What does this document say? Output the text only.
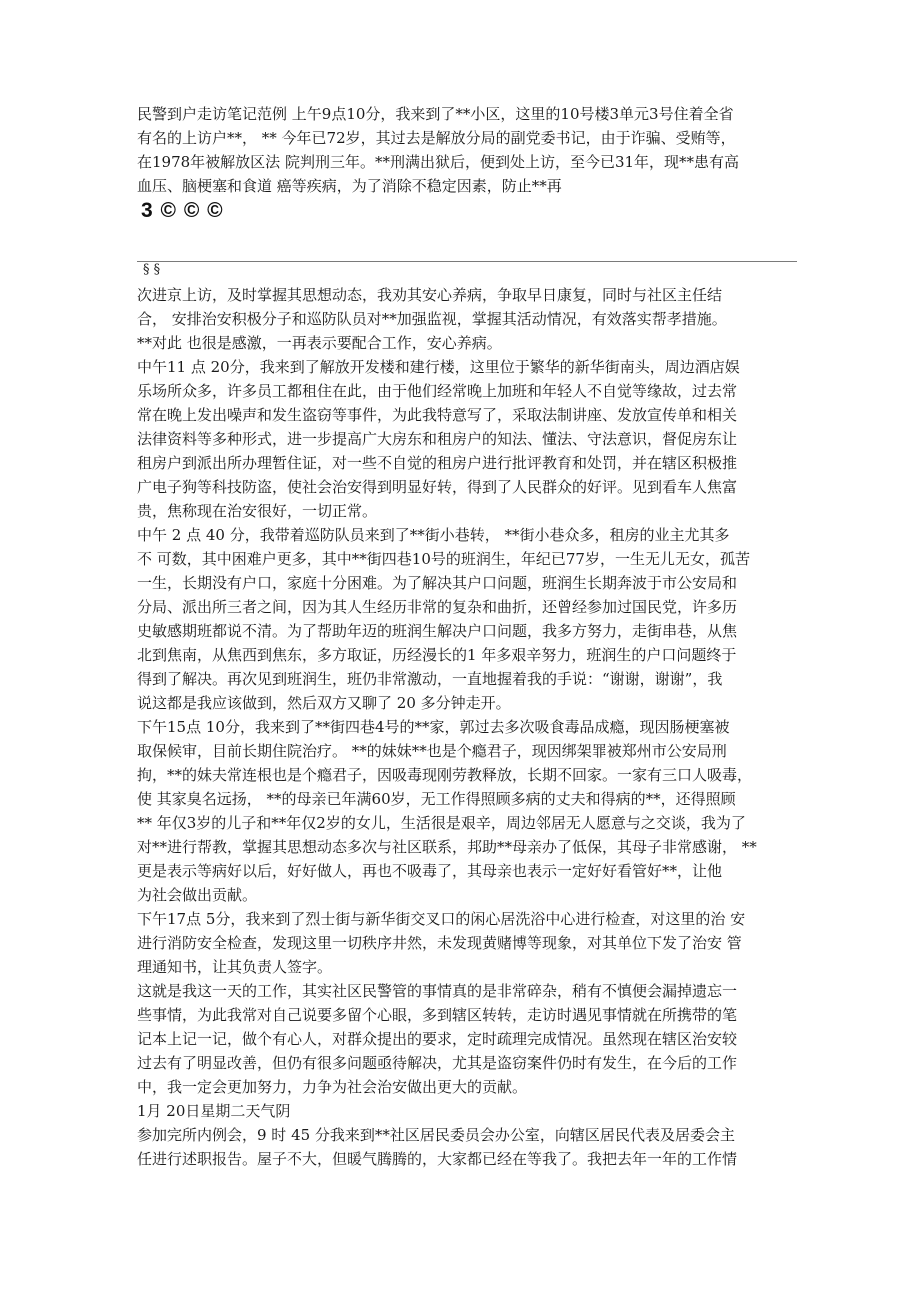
民警到户走访笔记范例 上午9点10分，我来到了**小区，这里的10号楼3单元3号住着全省
有名的上访户**， ** 今年已72岁，其过去是解放分局的副党委书记，由于诈骗、受贿等，
在1978年被解放区法 院判刑三年。**刑满出狱后，便到处上访，至今已31年，现**患有高
血压、脑梗塞和食道 癌等疾病，为了消除不稳定因素，防止**再
3 © © ©
§ §
次进京上访，及时掌握其思想动态，我劝其安心养病，争取早日康复，同时与社区主任结
合， 安排治安积极分子和巡防队员对**加强监视，掌握其活动情况，有效落实帮孝措施。
**对此 也很是感激，一再表示要配合工作，安心养病。
中午11 点 20分，我来到了解放开发楼和建行楼，这里位于繁华的新华街南头，周边酒店娱
乐场所众多，许多员工都租住在此，由于他们经常晚上加班和年轻人不自觉等缘故，过去常
常在晚上发出噪声和发生盗窃等事件，为此我特意写了，采取法制讲座、发放宣传单和相关
法律资料等多种形式，进一步提高广大房东和租房户的知法、懂法、守法意识，督促房东让
租房户到派出所办理暂住证，对一些不自觉的租房户进行批评教育和处罚，并在辖区积极推
广电子狗等科技防盗，使社会治安得到明显好转，得到了人民群众的好评。见到看车人焦富
贵，焦称现在治安很好，一切正常。
中午 2 点 40 分，我带着巡防队员来到了**街小巷转， **街小巷众多，租房的业主尤其多
不 可数，其中困难户更多，其中**街四巷10号的班润生，年纪已77岁，一生无儿无女，孤苦
一生，长期没有户口，家庭十分困难。为了解决其户口问题，班润生长期奔波于市公安局和
分局、派出所三者之间，因为其人生经历非常的复杂和曲折，还曾经参加过国民党，许多历
史敏感期班都说不清。为了帮助年迈的班润生解决户口问题，我多方努力，走街串巷，从焦
北到焦南，从焦西到焦东，多方取证，历经漫长的1 年多艰辛努力，班润生的户口问题终于
得到了解决。再次见到班润生，班仍非常激动，一直地握着我的手说：“谢谢，谢谢”，我
说这都是我应该做到，然后双方又聊了 20 多分钟走开。
下午15点 10分，我来到了**街四巷4号的**家，郭过去多次吸食毒品成瘾，现因肠梗塞被
取保候审，目前长期住院治疗。 **的妹妹**也是个瘾君子，现因绑架罪被郑州市公安局刑
拘，**的妹夫常连根也是个瘾君子，因吸毒现刚劳教释放，长期不回家。一家有三口人吸毒，
使 其家臭名远扬， **的母亲已年满60岁，无工作得照顾多病的丈夫和得病的**，还得照顾
** 年仅3岁的儿子和**年仅2岁的女儿，生活很是艰辛，周边邻居无人愿意与之交谈，我为了
对**进行帮教，掌握其思想动态多次与社区联系，邦助**母亲办了低保，其母子非常感谢， **
更是表示等病好以后，好好做人，再也不吸毒了，其母亲也表示一定好好看管好**，让他
为社会做出贡献。
下午17点 5分，我来到了烈士街与新华街交叉口的闲心居洗浴中心进行检查，对这里的治 安
进行消防安全检查，发现这里一切秩序井然，未发现黄赌博等现象，对其单位下发了治安 管
理通知书，让其负责人签字。
这就是我这一天的工作，其实社区民警管的事情真的是非常碎杂，稍有不慎便会漏掉遗忘一
些事情，为此我常对自己说要多留个心眼，多到辖区转转，走访时遇见事情就在所携带的笔
记本上记一记，做个有心人，对群众提出的要求，定时疏理完成情况。虽然现在辖区治安较
过去有了明显改善，但仍有很多问题亟待解决，尤其是盗窃案件仍时有发生，在今后的工作
中，我一定会更加努力，力争为社会治安做出更大的贡献。
1月 20日星期二天气阴
参加完所内例会，9 时 45 分我来到**社区居民委员会办公室，向辖区居民代表及居委会主
任进行述职报告。屋子不大，但暖气腾腾的，大家都已经在等我了。我把去年一年的工作情
